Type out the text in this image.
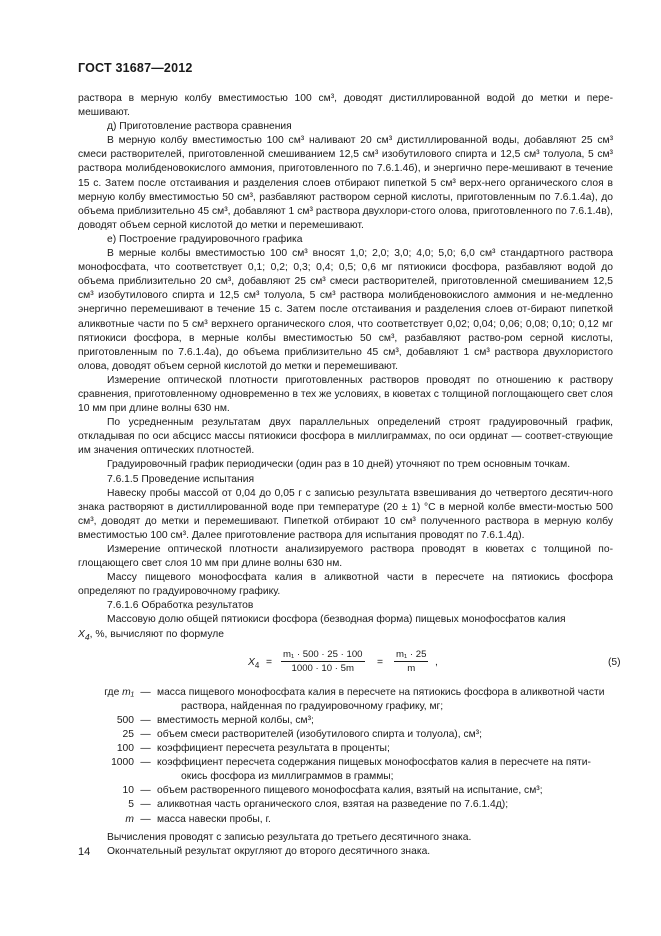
ГОСТ 31687—2012

раствора в мерную колбу вместимостью 100 см³, доводят дистиллированной водой до метки и пере-мешивают.

д) Приготовление раствора сравнения

В мерную колбу вместимостью 100 см³ наливают 20 см³ дистиллированной воды, добавляют 25 см³ смеси растворителей, приготовленной смешиванием 12,5 см³ изобутилового спирта и 12,5 см³ толуола, 5 см³ раствора молибденовокислого аммония, приготовленного по 7.6.1.4б), и энергично пере-мешивают в течение 15 с. Затем после отстаивания и разделения слоев отбирают пипеткой 5 см³ верх-него органического слоя в мерную колбу вместимостью 50 см³, разбавляют раствором серной кислоты, приготовленным по 7.6.1.4а), до объема приблизительно 45 см³, добавляют 1 см³ раствора двухлори-стого олова, приготовленного по 7.6.1.4в), доводят объем серной кислотой до метки и перемешивают.

е) Построение градуировочного графика

В мерные колбы вместимостью 100 см³ вносят 1,0; 2,0; 3,0; 4,0; 5,0; 6,0 см³ стандартного раствора монофосфата, что соответствует 0,1; 0,2; 0,3; 0,4; 0,5; 0,6 мг пятиокиси фосфора, разбавляют водой до объема приблизительно 20 см³, добавляют 25 см³ смеси растворителей, приготовленной смешиванием 12,5 см³ изобутилового спирта и 12,5 см³ толуола, 5 см³ раствора молибденовокислого аммония и не-медленно энергично перемешивают в течение 15 с. Затем после отстаивания и разделения слоев от-бирают пипеткой аликвотные части по 5 см³ верхнего органического слоя, что соответствует 0,02; 0,04; 0,06; 0,08; 0,10; 0,12 мг пятиокиси фосфора, в мерные колбы вместимостью 50 см³, разбавляют раство-ром серной кислоты, приготовленным по 7.6.1.4а), до объема приблизительно 45 см³, добавляют 1 см³ раствора двухлористого олова, доводят объем серной кислотой до метки и перемешивают.

Измерение оптической плотности приготовленных растворов проводят по отношению к раствору сравнения, приготовленному одновременно в тех же условиях, в кюветах с толщиной поглощающего свет слоя 10 мм при длине волны 630 нм.

По усредненным результатам двух параллельных определений строят градуировочный график, откладывая по оси абсцисс массы пятиокиси фосфора в миллиграммах, по оси ординат — соответ-ствующие им значения оптических плотностей.

Градуировочный график периодически (один раз в 10 дней) уточняют по трем основным точкам.

7.6.1.5 Проведение испытания

Навеску пробы массой от 0,04 до 0,05 г с записью результата взвешивания до четвертого десятич-ного знака растворяют в дистиллированной воде при температуре (20 ± 1) °С в мерной колбе вмести-мостью 500 см³, доводят до метки и перемешивают. Пипеткой отбирают 10 см³ полученного раствора в мерную колбу вместимостью 100 см³. Далее приготовление раствора для испытания проводят по 7.6.1.4д).

Измерение оптической плотности анализируемого раствора проводят в кюветах с толщиной по-глощающего свет слоя 10 мм при длине волны 630 нм.

Массу пищевого монофосфата калия в аликвотной части в пересчете на пятиокись фосфора определяют по градуировочному графику.

7.6.1.6 Обработка результатов

Массовую долю общей пятиокиси фосфора (безводная форма) пищевых монофосфатов калия

$X_4$, %, вычисляют по формуле

$X_4 = \frac{\text{m₁ · 500 · 25 · 100}}{1000 \cdot 10 \cdot 5m} = \frac{\text{m₁ · 25}}{m}$ ,	(5)
где m₁ — масса пищевого монофосфата калия в пересчете на пятиокись фосфора в аликвотной части
раствора, найденная по градуировочному графику, мг;
500 — вместимость мерной колбы, см³;
25 — объем смеси растворителей (изобутилового спирта и толуола), см³;
100 — коэффициент пересчета результата в проценты;
1000 — коэффициент пересчета содержания пищевых монофосфатов калия в пересчете на пяти-
окись фосфора из миллиграммов в граммы;
10 — объем растворенного пищевого монофосфата калия, взятый на испытание, см³;
5 — аликвотная часть органического слоя, взятая на разведение по 7.6.1.4д);
m — масса навески пробы, г.

Вычисления проводят с записью результата до третьего десятичного знака.

Окончательный результат округляют до второго десятичного знака.

14
